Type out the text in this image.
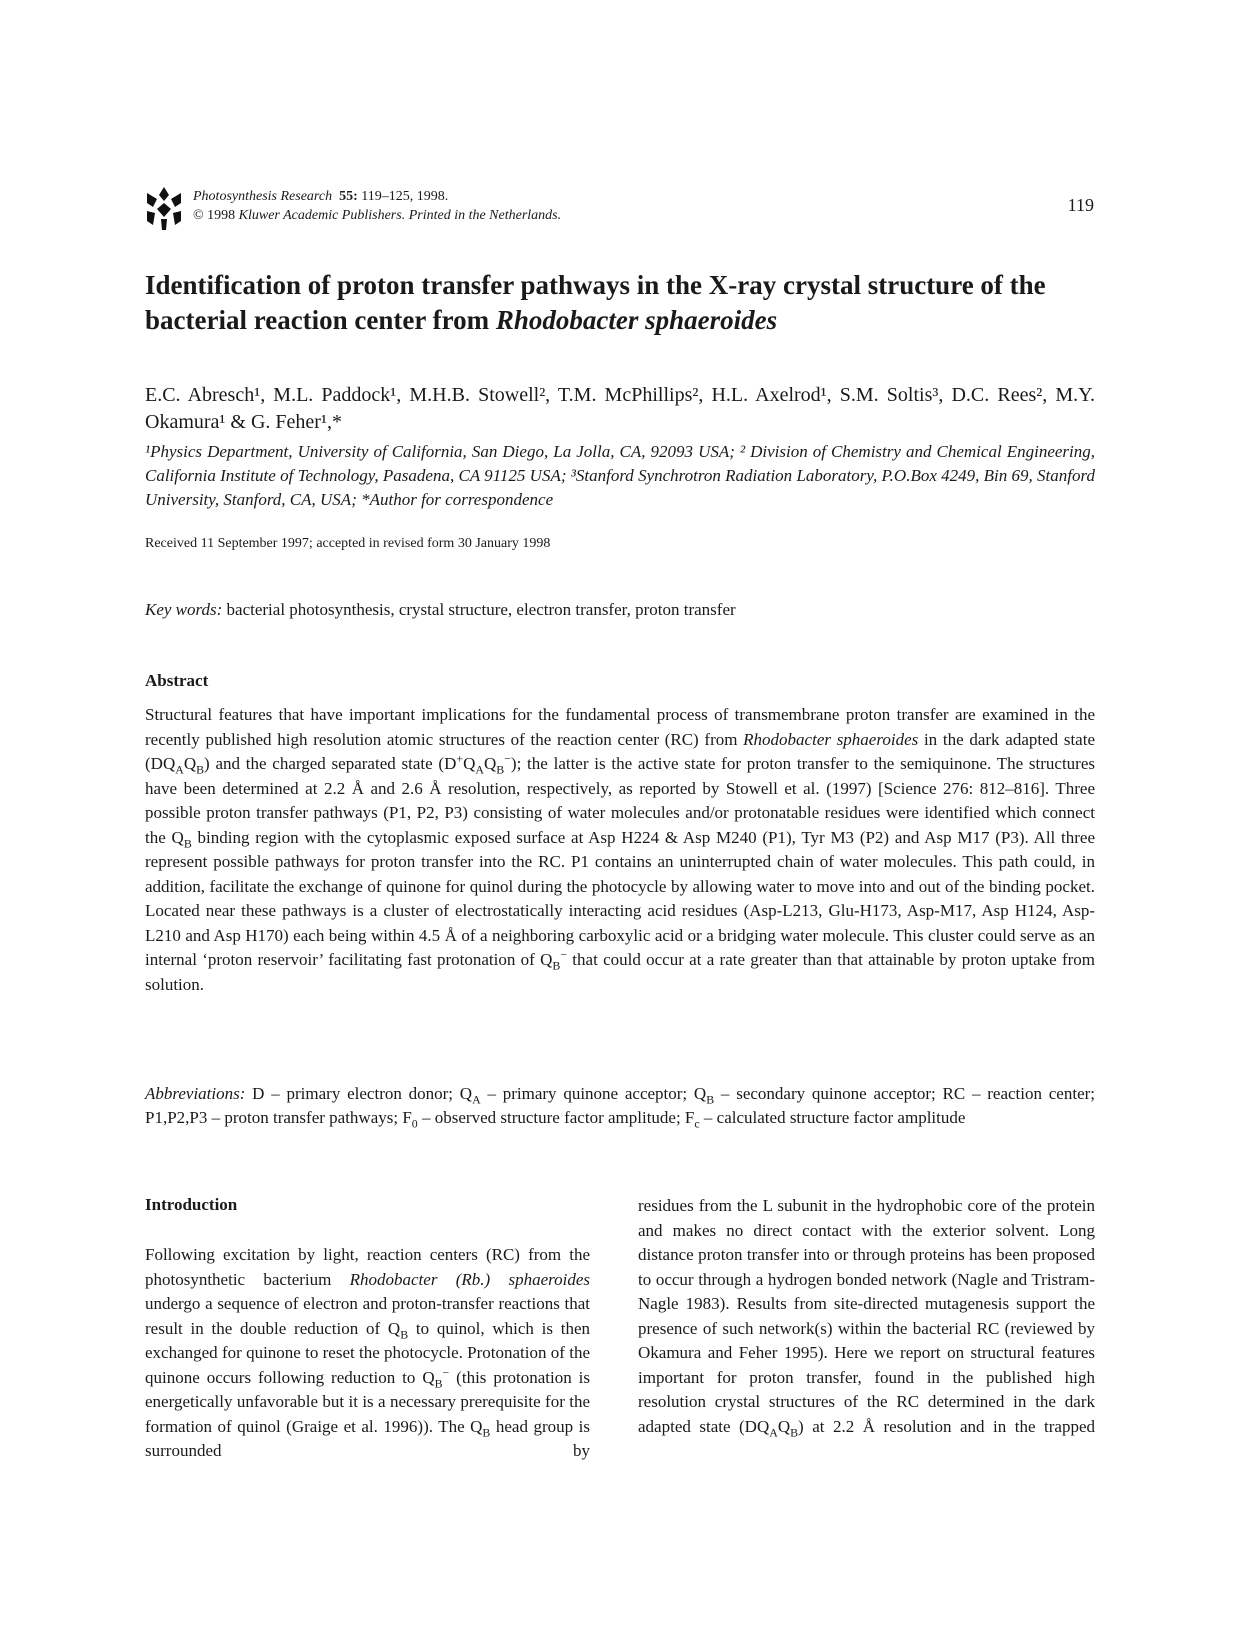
Photosynthesis Research 55: 119–125, 1998.
© 1998 Kluwer Academic Publishers. Printed in the Netherlands.
119
Identification of proton transfer pathways in the X-ray crystal structure of the bacterial reaction center from Rhodobacter sphaeroides
E.C. Abresch¹, M.L. Paddock¹, M.H.B. Stowell², T.M. McPhillips², H.L. Axelrod¹, S.M. Soltis³, D.C. Rees², M.Y. Okamura¹ & G. Feher¹,*
¹Physics Department, University of California, San Diego, La Jolla, CA, 92093 USA; ² Division of Chemistry and Chemical Engineering, California Institute of Technology, Pasadena, CA 91125 USA; ³Stanford Synchrotron Radiation Laboratory, P.O.Box 4249, Bin 69, Stanford University, Stanford, CA, USA; *Author for correspondence
Received 11 September 1997; accepted in revised form 30 January 1998
Key words: bacterial photosynthesis, crystal structure, electron transfer, proton transfer
Abstract
Structural features that have important implications for the fundamental process of transmembrane proton transfer are examined in the recently published high resolution atomic structures of the reaction center (RC) from Rhodobacter sphaeroides in the dark adapted state $(DQ_AQ_B)$ and the charged separated state $(D^+Q_AQ_B^-)$; the latter is the active state for proton transfer to the semiquinone. The structures have been determined at 2.2 Å and 2.6 Å resolution, respectively, as reported by Stowell et al. (1997) [Science 276: 812–816]. Three possible proton transfer pathways (P1, P2, P3) consisting of water molecules and/or protonatable residues were identified which connect the $Q_B$ binding region with the cytoplasmic exposed surface at Asp H224 & Asp M240 (P1), Tyr M3 (P2) and Asp M17 (P3). All three represent possible pathways for proton transfer into the RC. P1 contains an uninterrupted chain of water molecules. This path could, in addition, facilitate the exchange of quinone for quinol during the photocycle by allowing water to move into and out of the binding pocket. Located near these pathways is a cluster of electrostatically interacting acid residues (Asp-L213, Glu-H173, Asp-M17, Asp H124, Asp-L210 and Asp H170) each being within 4.5 Å of a neighboring carboxylic acid or a bridging water molecule. This cluster could serve as an internal ‘proton reservoir’ facilitating fast protonation of $Q_B^-$ that could occur at a rate greater than that attainable by proton uptake from solution.
Abbreviations: D – primary electron donor; $Q_A$ – primary quinone acceptor; $Q_B$ – secondary quinone acceptor; RC – reaction center; P1,P2,P3 – proton transfer pathways; $F_0$ – observed structure factor amplitude; $F_c$ – calculated structure factor amplitude
Introduction
Following excitation by light, reaction centers (RC) from the photosynthetic bacterium Rhodobacter (Rb.) sphaeroides undergo a sequence of electron and proton-transfer reactions that result in the double reduction of $Q_B$ to quinol, which is then exchanged for quinone to reset the photocycle. Protonation of the quinone occurs following reduction to $Q_B^-$ (this protonation is energetically unfavorable but it is a necessary prerequisite for the formation of quinol (Graige et al. 1996)). The $Q_B$ head group is surrounded by
residues from the L subunit in the hydrophobic core of the protein and makes no direct contact with the exterior solvent. Long distance proton transfer into or through proteins has been proposed to occur through a hydrogen bonded network (Nagle and Tristram-Nagle 1983). Results from site-directed mutagenesis support the presence of such network(s) within the bacterial RC (reviewed by Okamura and Feher 1995). Here we report on structural features important for proton transfer, found in the published high resolution crystal structures of the RC determined in the dark adapted state $(DQ_AQ_B)$ at 2.2 Å resolution and in the trapped
